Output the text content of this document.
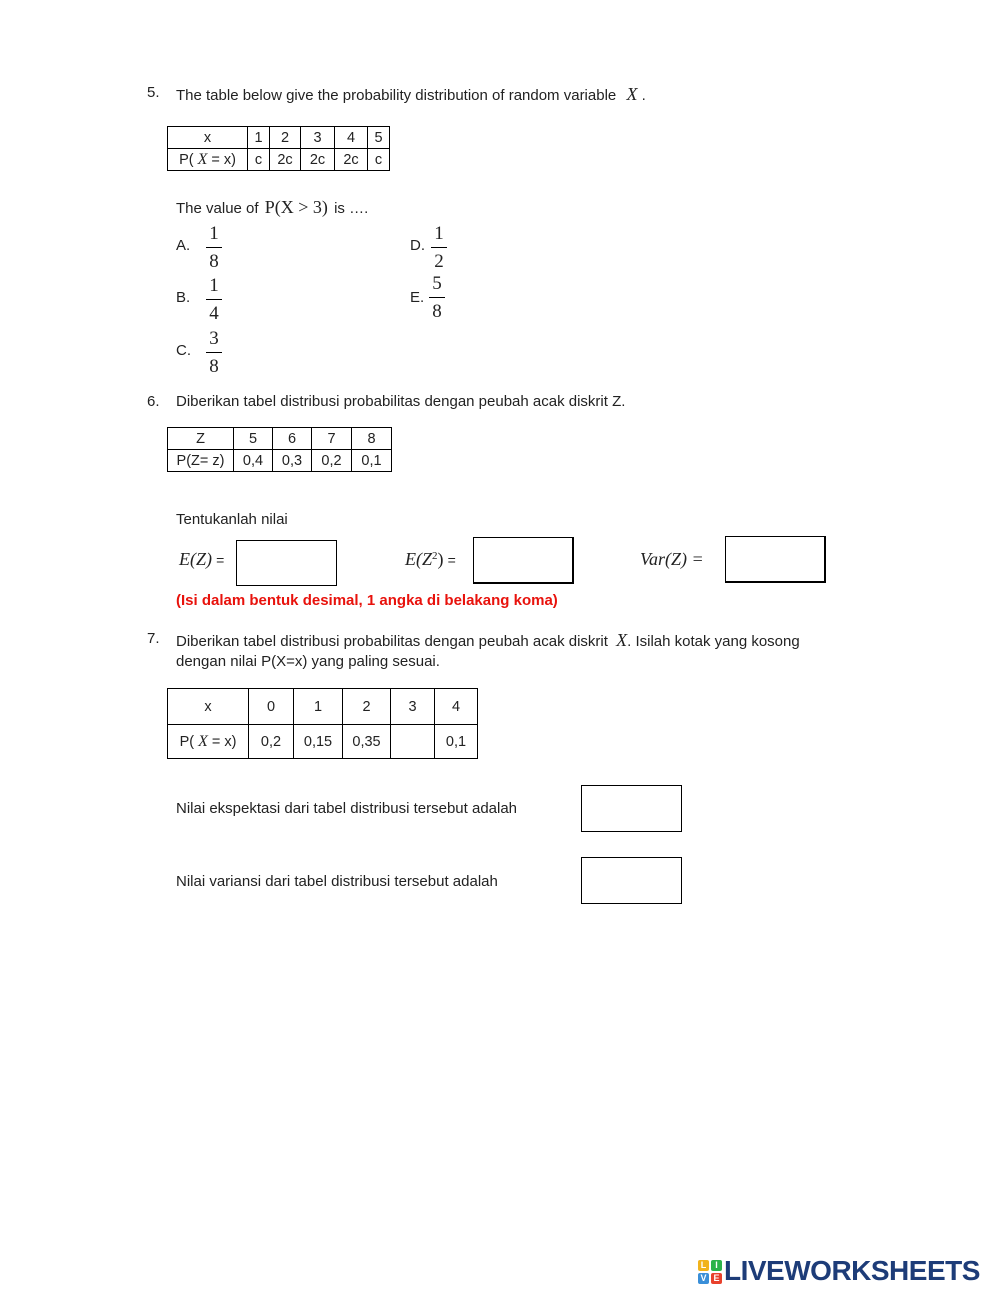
5. The table below give the probability distribution of random variable X .
x	1	2	3	4	5
P( X = x)	c	2c	2c	2c	c
The value of P(X > 3) is ….
A.
1
8
B.
1
4
C.
3
8
D.
1
2
E.
5
8
6. Diberikan tabel distribusi probabilitas dengan peubah acak diskrit Z.
Z	5	6	7	8
P(Z= z)	0,4	0,3	0,2	0,1
Tentukanlah nilai
E(Z) =	$E(Z^2)$ =	Var(Z) =
(Isi dalam bentuk desimal, 1 angka di belakang koma)
7. Diberikan tabel distribusi probabilitas dengan peubah acak diskrit X. Isilah kotak yang kosong
dengan nilai P(X=x) yang paling sesuai.
x	0	1	2	3	4
P( X = x)	0,2	0,15	0,35		0,1
Nilai ekspektasi dari tabel distribusi tersebut adalah
Nilai variansi dari tabel distribusi tersebut adalah
L I
V E LIVEWORKSHEETS
